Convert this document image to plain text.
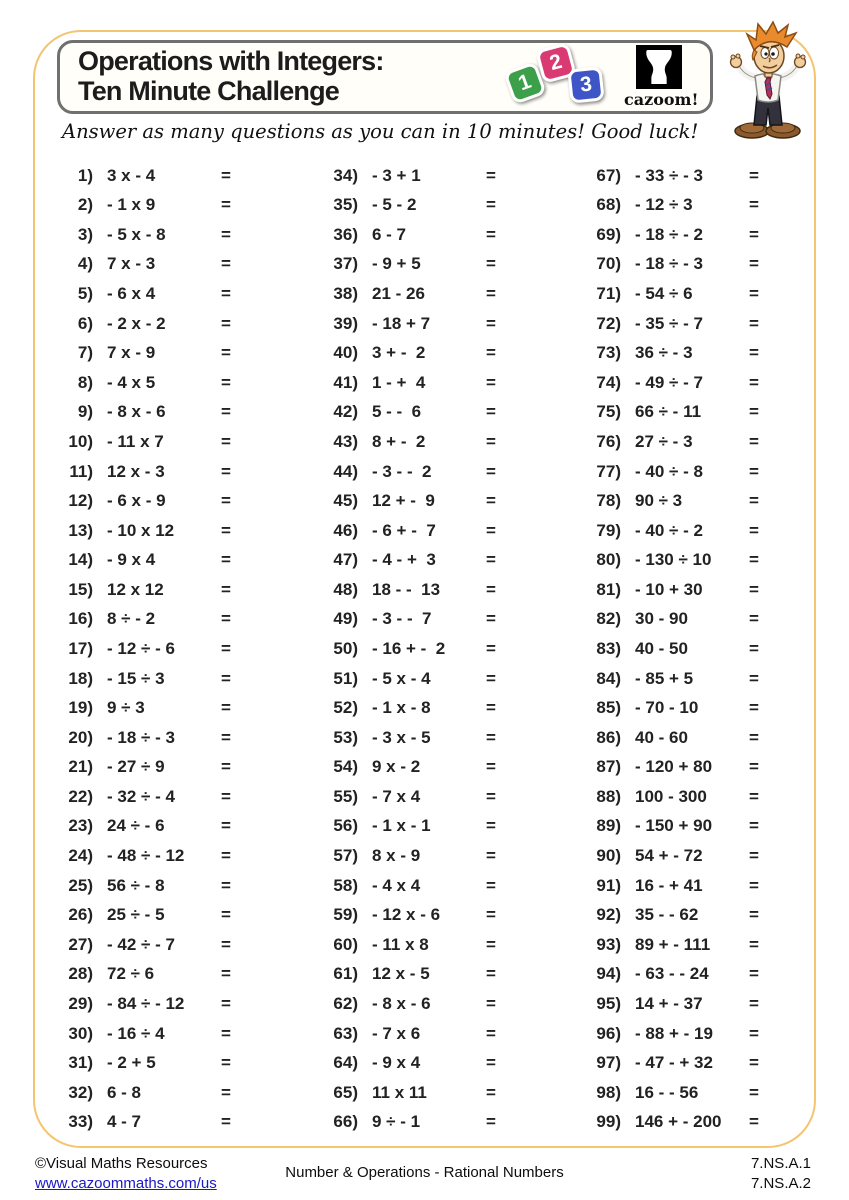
Operations with Integers:
Ten Minute Challenge	1
2
3
cazoom!

Answer as many questions as you can in 10 minutes! Good luck!

1) 3 x - 4	=
2) - 1 x 9	=
3) - 5 x - 8	=
4) 7 x - 3	=
5) - 6 x 4	=
6) - 2 x - 2	=
7) 7 x - 9	=
8) - 4 x 5	=
9) - 8 x - 6	=
10) - 11 x 7	=
11) 12 x - 3	=
12) - 6 x - 9	=
13) - 10 x 12	=
14) - 9 x 4	=
15) 12 x 12	=
16) 8 ÷ - 2	=
17) - 12 ÷ - 6	=
18) - 15 ÷ 3	=
19) 9 ÷ 3	=
20) - 18 ÷ - 3	=
21) - 27 ÷ 9	=
22) - 32 ÷ - 4	=
23) 24 ÷ - 6	=
24) - 48 ÷ - 12	=
25) 56 ÷ - 8	=
26) 25 ÷ - 5	=
27) - 42 ÷ - 7	=
28) 72 ÷ 6	=
29) - 84 ÷ - 12	=
30) - 16 ÷ 4	=
31) - 2 + 5	=
32) 6 - 8	=
33) 4 - 7	=
34) - 3 + 1	=
35) - 5 - 2	=
36) 6 - 7	=
37) - 9 + 5	=
38) 21 - 26	=
39) - 18 + 7	=
40) 3 + -  2	=
41) 1 - +  4	=
42) 5 - -  6	=
43) 8 + -  2	=
44) - 3 - -  2	=
45) 12 + -  9	=
46) - 6 + -  7	=
47) - 4 - +  3	=
48) 18 - -  13	=
49) - 3 - -  7	=
50) - 16 + -  2	=
51) - 5 x - 4	=
52) - 1 x - 8	=
53) - 3 x - 5	=
54) 9 x - 2	=
55) - 7 x 4	=
56) - 1 x - 1	=
57) 8 x - 9	=
58) - 4 x 4	=
59) - 12 x - 6	=
60) - 11 x 8	=
61) 12 x - 5	=
62) - 8 x - 6	=
63) - 7 x 6	=
64) - 9 x 4	=
65) 11 x 11	=
66) 9 ÷ - 1	=
67) - 33 ÷ - 3	=
68) - 12 ÷ 3	=
69) - 18 ÷ - 2	=
70) - 18 ÷ - 3	=
71) - 54 ÷ 6	=
72) - 35 ÷ - 7	=
73) 36 ÷ - 3	=
74) - 49 ÷ - 7	=
75) 66 ÷ - 11	=
76) 27 ÷ - 3	=
77) - 40 ÷ - 8	=
78) 90 ÷ 3	=
79) - 40 ÷ - 2	=
80) - 130 ÷ 10	=
81) - 10 + 30	=
82) 30 - 90	=
83) 40 - 50	=
84) - 85 + 5	=
85) - 70 - 10	=
86) 40 - 60	=
87) - 120 + 80	=
88) 100 - 300	=
89) - 150 + 90	=
90) 54 + - 72	=
91) 16 - + 41	=
92) 35 - - 62	=
93) 89 + - 111	=
94) - 63 - - 24	=
95) 14 + - 37	=
96) - 88 + - 19	=
97) - 47 - + 32	=
98) 16 - - 56	=
99) 146 + - 200	=
©Visual Maths Resources
www.cazoommaths.com/us
Number & Operations - Rational Numbers
7.NS.A.1
7.NS.A.2
